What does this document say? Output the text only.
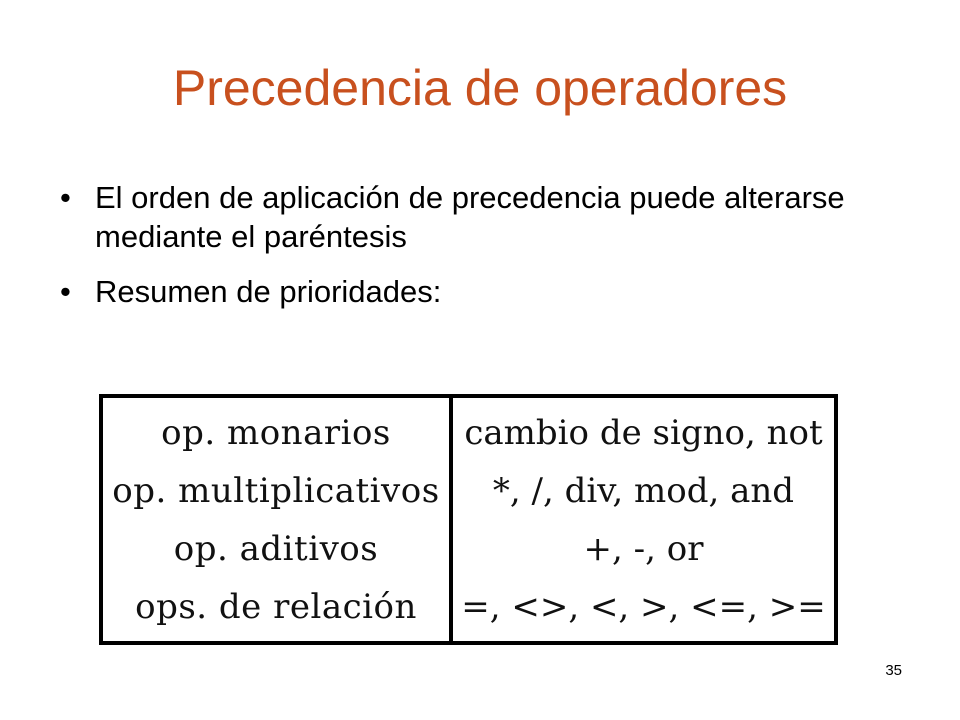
Precedencia de operadores
• El orden de aplicación de precedencia puede alterarse mediante el paréntesis
• Resumen de prioridades:
op. monarios
op. multiplicativos
op. aditivos
ops. de relación
cambio de signo, not
*, /, div, mod, and
+, -, or
=, <>, <, >, <=, >=
35
